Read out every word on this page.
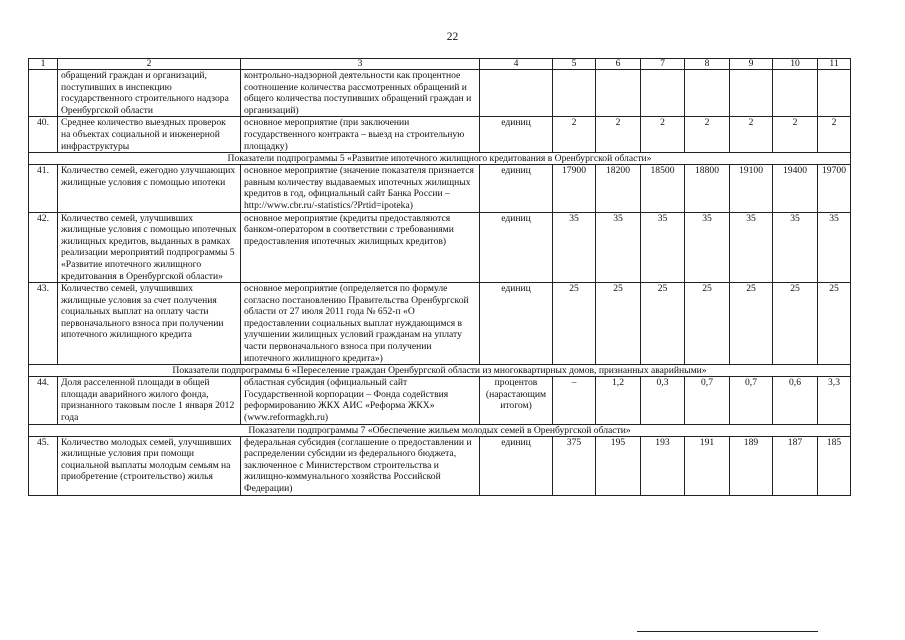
22
1	2	3	4	5	6	7	8	9	10	11
	обращений граждан и организаций, поступивших в инспекцию государственного строительного надзора Оренбургской области	контрольно-надзорной деятельности как процентное соотношение количества рассмотренных обращений и общего количества поступивших обращений граждан и организаций)								
40.	Среднее количество выездных проверок на объектах социальной и инженерной инфраструктуры	основное мероприятие (при заключении государственного контракта – выезд на строительную площадку)	единиц	2	2	2	2	2	2	2
Показатели подпрограммы 5 «Развитие ипотечного жилищного кредитования в Оренбургской области»										
41.	Количество семей, ежегодно улучшающих жилищные условия с помощью ипотеки	основное мероприятие (значение показателя признается равным количеству выдаваемых ипотечных жилищных кредитов в год, официальный сайт Банка России – http://www.cbr.ru/-statistics/?Prtid=ipoteka)	единиц	17900	18200	18500	18800	19100	19400	19700
42.	Количество семей, улучшивших жилищные условия с помощью ипотечных жилищных кредитов, выданных в рамках реализации мероприятий подпрограммы 5 «Развитие ипотечного жилищного кредитования в Оренбургской области»	основное мероприятие (кредиты предоставляются банком-оператором в соответствии с требованиями предоставления ипотечных жилищных кредитов)	единиц	35	35	35	35	35	35	35
43.	Количество семей, улучшивших жилищные условия за счет получения социальных выплат на оплату части первоначального взноса при получении ипотечного жилищного кредита	основное мероприятие (определяется по формуле согласно постановлению Правительства Оренбургской области от 27 июля 2011 года № 652-п «О предоставлении социальных выплат нуждающимся в улучшении жилищных условий гражданам на уплату части первоначального взноса при получении ипотечного жилищного кредита»)	единиц	25	25	25	25	25	25	25
Показатели подпрограммы 6 «Переселение граждан Оренбургской области из многоквартирных домов, признанных аварийными»										
44.	Доля расселенной площади в общей площади аварийного жилого фонда, признанного таковым после 1 января 2012 года	областная субсидия (официальный сайт Государственной корпорации – Фонда содействия реформированию ЖКХ АИС «Реформа ЖКХ» (www.reformagkh.ru)	процентов (нарастающим итогом)	–	1,2	0,3	0,7	0,7	0,6	3,3
Показатели подпрограммы 7 «Обеспечение жильем молодых семей в Оренбургской области»										
45.	Количество молодых семей, улучшивших жилищные условия при помощи социальной выплаты молодым семьям на приобретение (строительство) жилья	федеральная субсидия (соглашение о предоставлении и распределении субсидии из федерального бюджета, заключенное с Министерством строительства и жилищно-коммунального хозяйства Российской Федерации)	единиц	375	195	193	191	189	187	185
